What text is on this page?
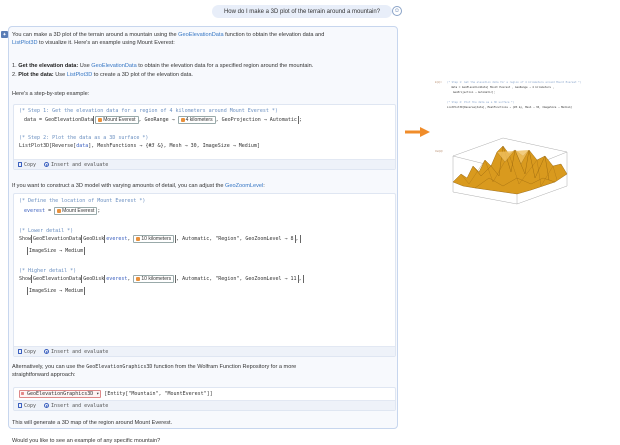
How do I make a 3D plot of the terrain around a mountain?	☺
✦ You can make a 3D plot of the terrain around a mountain using the GeoElevationData function to obtain the elevation data and
ListPlot3D to visualize it. Here's an example using Mount Everest:
1. Get the elevation data: Use GeoElevationData to obtain the elevation data for a specified region around the mountain.
2. Plot the data: Use ListPlot3D to create a 3D plot of the elevation data.
Here's a step-by-step example:
(* Step 1: Get the elevation data for a region of 4 kilometers around Mount Everest *)
data = GeoElevationData Mount Everest , GeoRange → 4 kilometers , GeoProjection → Automatic ;
(* Step 2: Plot the data as a 3D surface *)
ListPlot3D[Reverse[data], MeshFunctions → {#3 &}, Mesh → 30, ImageSize → Medium]
Copy	Insert and evaluate
If you want to construct a 3D model with varying amounts of detail, you can adjust the GeoZoomLevel:
(* Define the location of Mount Everest *)
everest = Mount Everest ;
(* Lower detail *)
Show GeoElevationData GeoDisk everest, 10 kilometers , Automatic, "Region", GeoZoomLevel → 8 ,
ImageSize → Medium
(* Higher detail *)
Show GeoElevationData GeoDisk everest, 10 kilometers , Automatic, "Region", GeoZoomLevel → 11 ,
ImageSize → Medium
Copy	Insert and evaluate
Alternatively, you can use the GeoElevationGraphics3D function from the Wolfram Function Repository for a more
straightforward approach:
⊞ GeoElevationGraphics3D ▾ [Entity["Mountain", "MountEverest"]]
Copy	Insert and evaluate
This will generate a 3D map of the region around Mount Everest.
Would you like to see an example of any specific mountain?
In[1]:= (* Step 1: Get the elevation data for a region of 4 kilometers around Mount Everest *)
data = GeoElevationData[ Mount Everest , GeoRange → 4 kilometers ,
GeoProjection → Automatic];
(* Step 2: Plot the data as a 3D surface *)
ListPlot3D[Reverse[data], MeshFunctions → {#3 &}, Mesh → 30, ImageSize → Medium]
Out[1]=
